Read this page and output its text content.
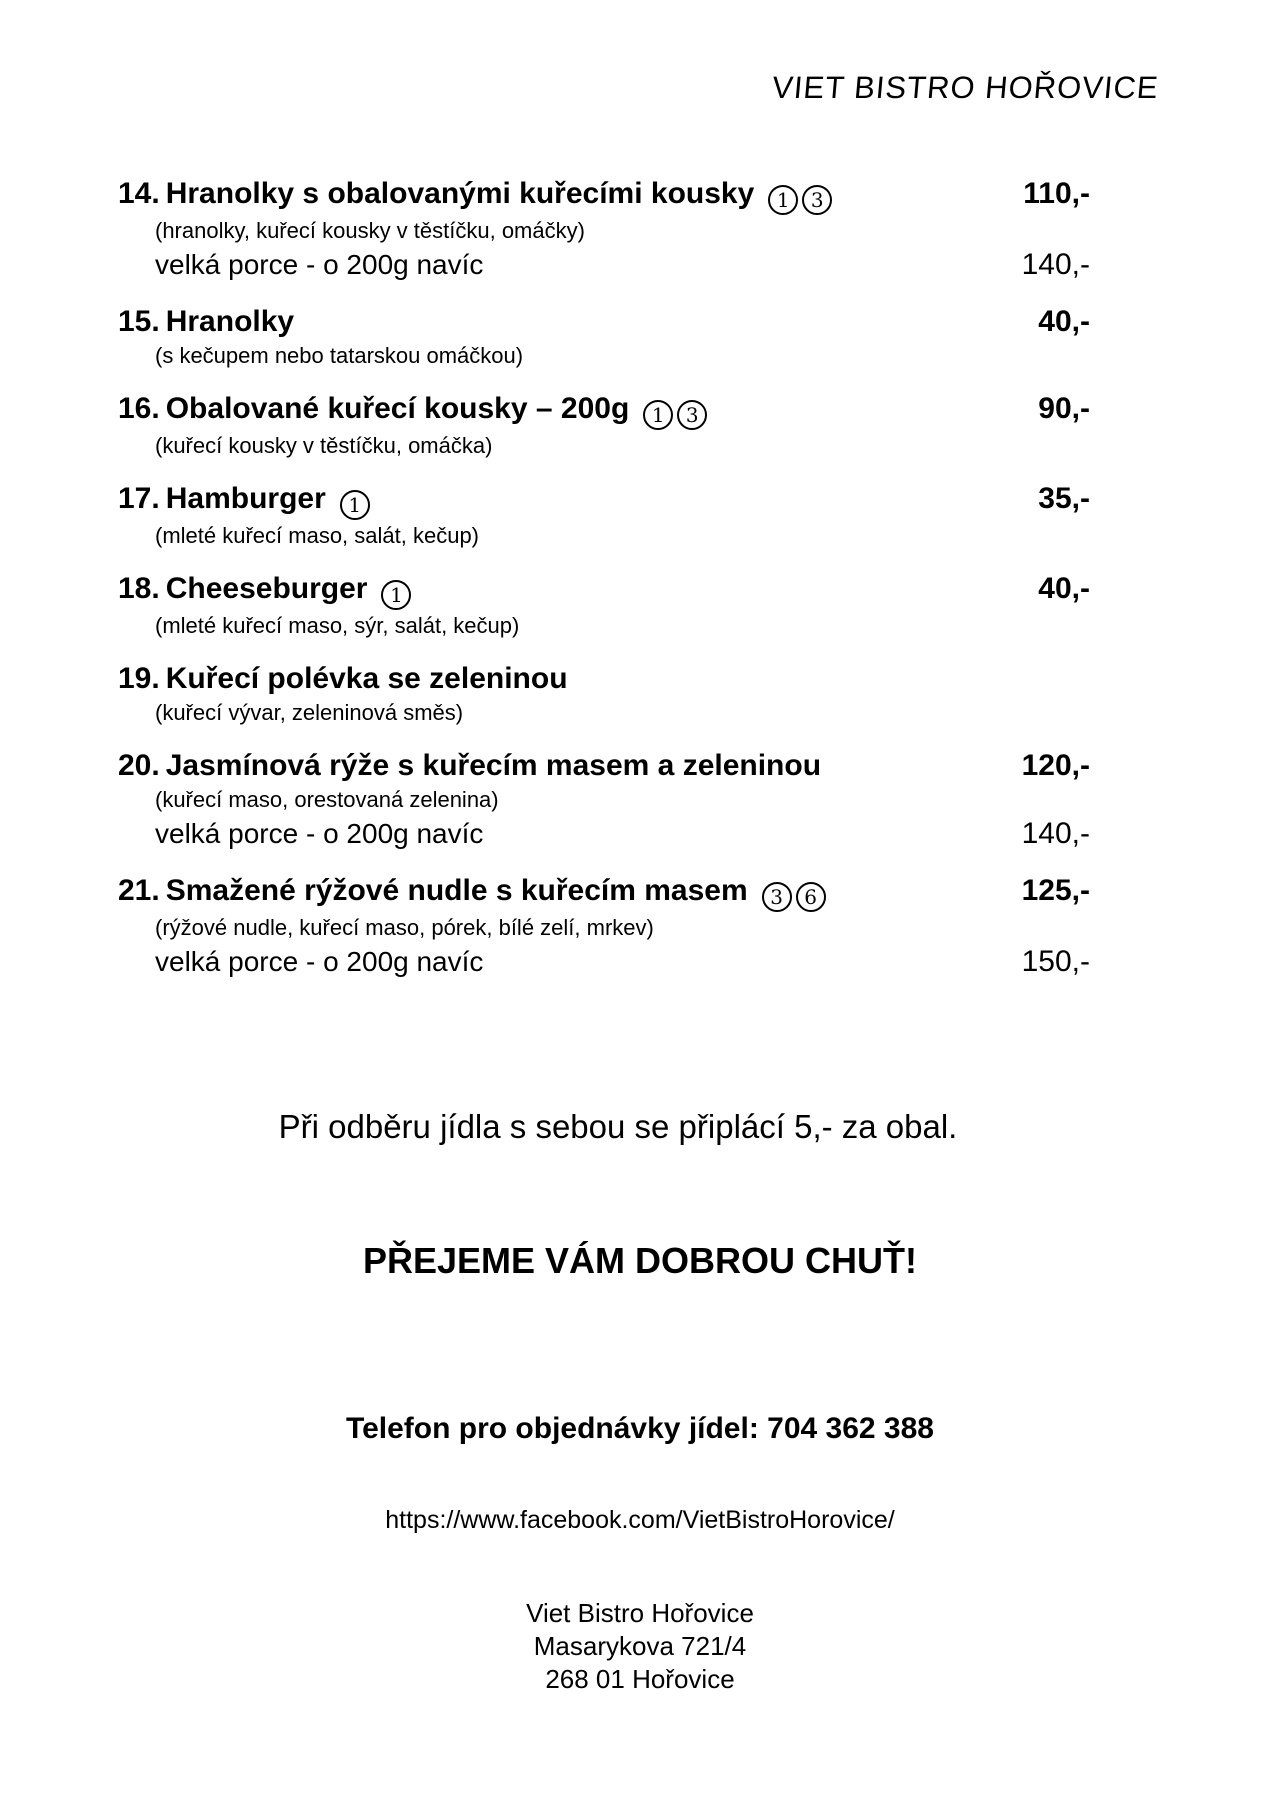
VIET BISTRO HOŘOVICE
14. Hranolky s obalovanými kuřecími kousky 1 3	110,-
(hranolky, kuřecí kousky v těstíčku, omáčky)
velká porce - o 200g navíc	140,-
15. Hranolky	40,-
(s kečupem nebo tatarskou omáčkou)
16. Obalované kuřecí kousky – 200g 1 3	90,-
(kuřecí kousky v těstíčku, omáčka)
17. Hamburger 1	35,-
(mleté kuřecí maso, salát, kečup)
18. Cheeseburger 1	40,-
(mleté kuřecí maso, sýr, salát, kečup)
19. Kuřecí polévka se zeleninou
(kuřecí vývar, zeleninová směs)
20. Jasmínová rýže s kuřecím masem a zeleninou	120,-
(kuřecí maso, orestovaná zelenina)
velká porce - o 200g navíc	140,-
21. Smažené rýžové nudle s kuřecím masem 3 6	125,-
(rýžové nudle, kuřecí maso, pórek, bílé zelí, mrkev)
velká porce - o 200g navíc	150,-
Při odběru jídla s sebou se připlácí 5,- za obal.
PŘEJEME VÁM DOBROU CHUŤ!
Telefon pro objednávky jídel: 704 362 388
https://www.facebook.com/VietBistroHorovice/
Viet Bistro Hořovice
Masarykova 721/4
268 01 Hořovice
